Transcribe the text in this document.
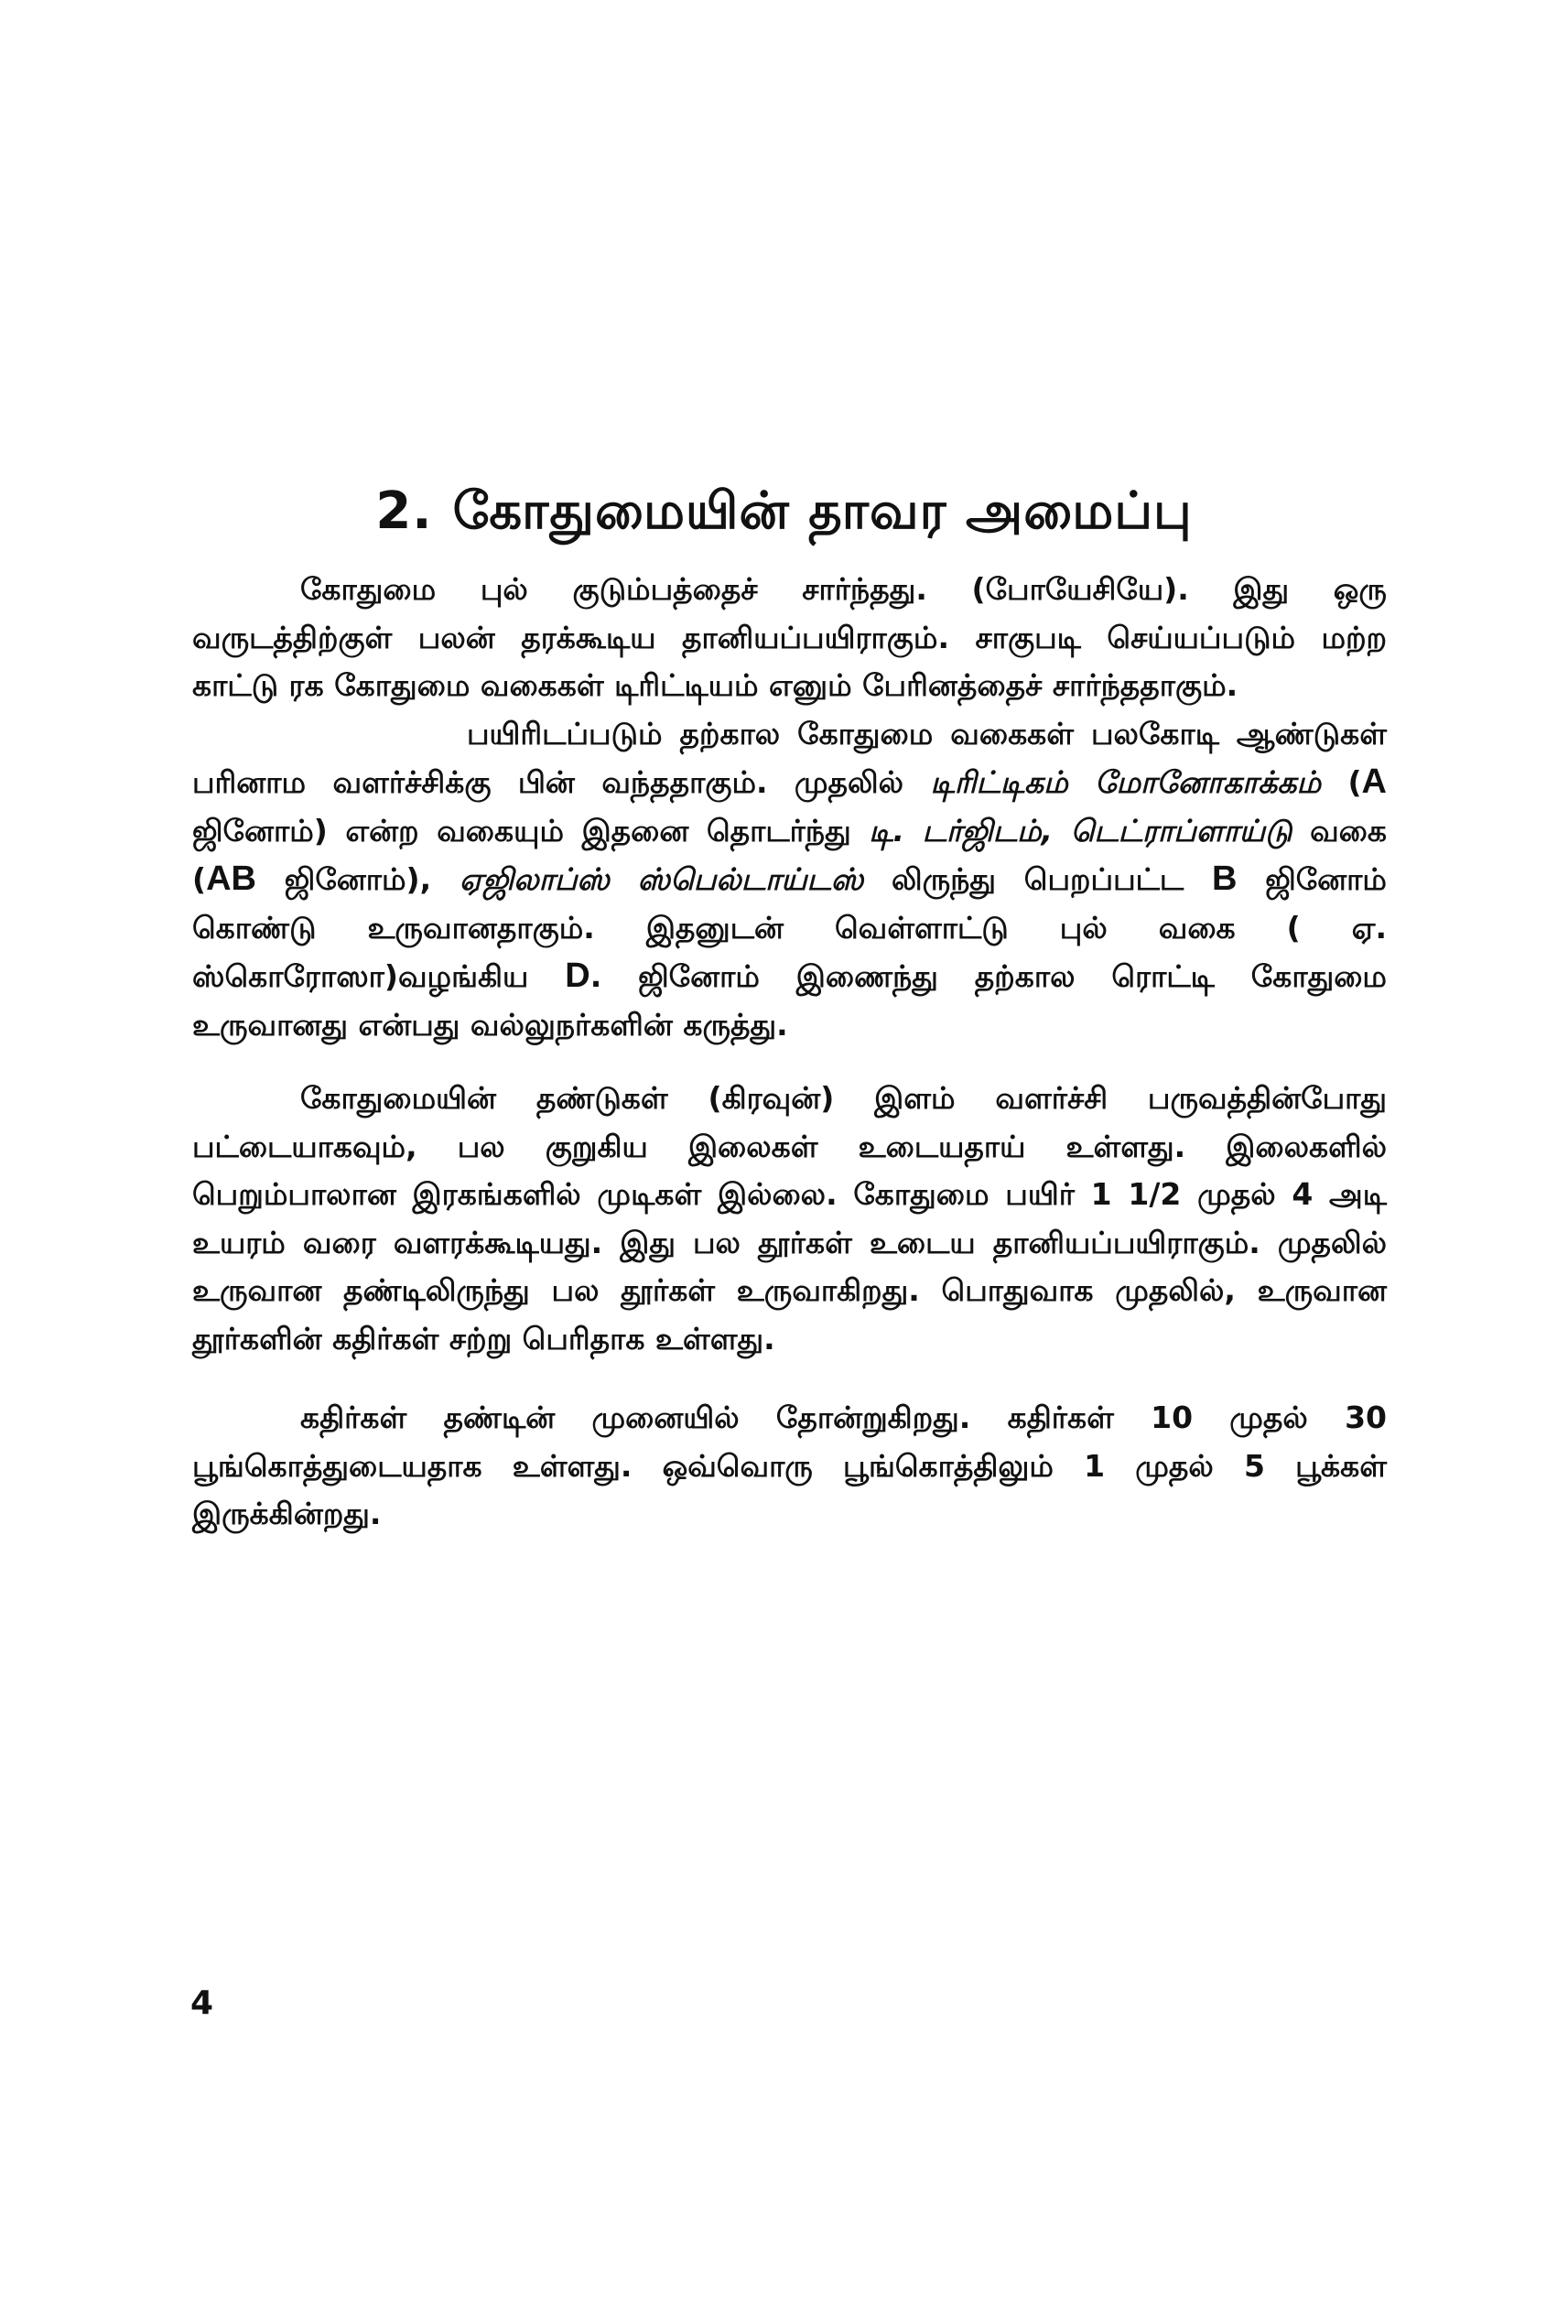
2. கோதுமையின் தாவர அமைப்பு

கோதுமை புல் குடும்பத்தைச் சார்ந்தது. (போயேசியே). இது ஒரு வருடத்திற்குள் பலன் தரக்கூடிய தானியப்பயிராகும். சாகுபடி செய்யப்படும் மற்ற காட்டு ரக கோதுமை வகைகள் டிரிட்டியம் எனும் பேரினத்தைச் சார்ந்ததாகும்.

பயிரிடப்படும் தற்கால கோதுமை வகைகள் பலகோடி ஆண்டுகள் பரினாம வளர்ச்சிக்கு பின் வந்ததாகும். முதலில் டிரிட்டிகம் மோனோகாக்கம் (A ஜினோம்) என்ற வகையும் இதனை தொடர்ந்து டி. டர்ஜிடம், டெட்ராப்ளாய்டு வகை (AB ஜினோம்), ஏஜிலாப்ஸ் ஸ்பெல்டாய்டஸ் லிருந்து பெறப்பட்ட B ஜினோம் கொண்டு உருவானதாகும். இதனுடன் வெள்ளாட்டு புல் வகை ( ஏ. ஸ்கொரோஸா)வழங்கிய D. ஜினோம் இணைந்து தற்கால ரொட்டி கோதுமை உருவானது என்பது வல்லுநர்களின் கருத்து.

கோதுமையின் தண்டுகள் (கிரவுன்) இளம் வளர்ச்சி பருவத்தின்போது பட்டையாகவும், பல குறுகிய இலைகள் உடையதாய் உள்ளது. இலைகளில் பெறும்பாலான இரகங்களில் முடிகள் இல்லை. கோதுமை பயிர் 1 1/2 முதல் 4 அடி உயரம் வரை வளரக்கூடியது. இது பல தூர்கள் உடைய தானியப்பயிராகும். முதலில் உருவான தண்டிலிருந்து பல தூர்கள் உருவாகிறது. பொதுவாக முதலில், உருவான தூர்களின் கதிர்கள் சற்று பெரிதாக உள்ளது.

கதிர்கள் தண்டின் முனையில் தோன்றுகிறது. கதிர்கள் 10 முதல் 30 பூங்கொத்துடையதாக உள்ளது. ஒவ்வொரு பூங்கொத்திலும் 1 முதல் 5 பூக்கள் இருக்கின்றது.

4
